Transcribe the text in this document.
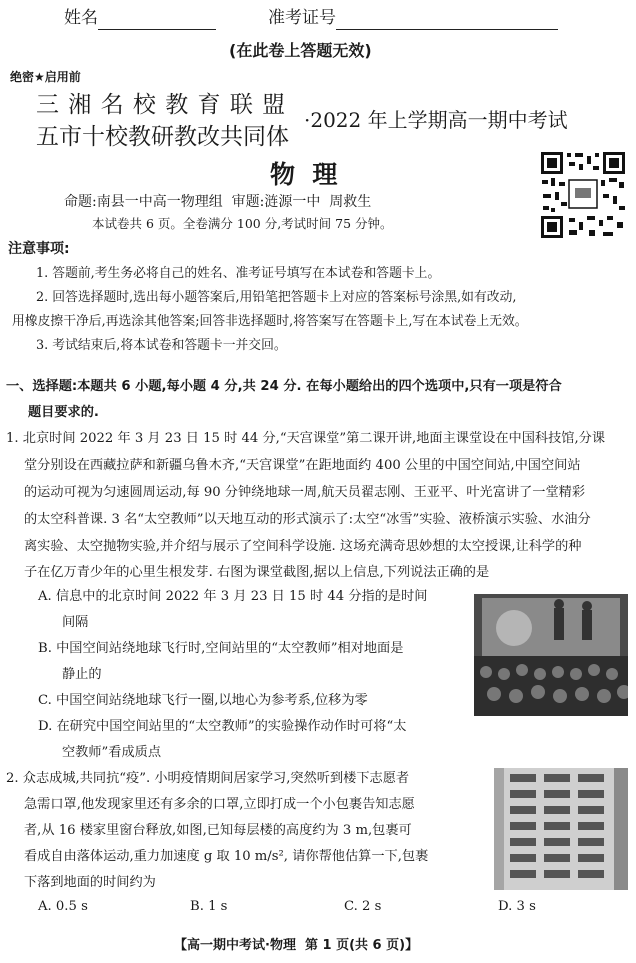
姓名	准考证号
(在此卷上答题无效)
绝密★启用前
三 湘 名 校 教 育 联 盟
五市十校教研教改共同体
·2022 年上学期高一期中考试
物  理
命题:南县一中高一物理组  审题:涟源一中  周救生
本试卷共 6 页。全卷满分 100 分,考试时间 75 分钟。
注意事项:
1. 答题前,考生务必将自己的姓名、准考证号填写在本试卷和答题卡上。
2. 回答选择题时,选出每小题答案后,用铅笔把答题卡上对应的答案标号涂黑,如有改动,
用橡皮擦干净后,再选涂其他答案;回答非选择题时,将答案写在答题卡上,写在本试卷上无效。
3. 考试结束后,将本试卷和答题卡一并交回。
一、选择题:本题共 6 小题,每小题 4 分,共 24 分. 在每小题给出的四个选项中,只有一项是符合
题目要求的.
1. 北京时间 2022 年 3 月 23 日 15 时 44 分,“天宫课堂”第二课开讲,地面主课堂设在中国科技馆,分课
堂分别设在西藏拉萨和新疆乌鲁木齐,“天宫课堂”在距地面约 400 公里的中国空间站,中国空间站
的运动可视为匀速圆周运动,每 90 分钟绕地球一周,航天员翟志刚、王亚平、叶光富讲了一堂精彩
的太空科普课. 3 名“太空教师”以天地互动的形式演示了:太空“冰雪”实验、液桥演示实验、水油分
离实验、太空抛物实验,并介绍与展示了空间科学设施. 这场充满奇思妙想的太空授课,让科学的种
子在亿万青少年的心里生根发芽. 右图为课堂截图,据以上信息,下列说法正确的是
A. 信息中的北京时间 2022 年 3 月 23 日 15 时 44 分指的是时间
间隔
B. 中国空间站绕地球飞行时,空间站里的“太空教师”相对地面是
静止的
C. 中国空间站绕地球飞行一圈,以地心为参考系,位移为零
D. 在研究中国空间站里的“太空教师”的实验操作动作时可将“太
空教师”看成质点
2. 众志成城,共同抗“疫”. 小明疫情期间居家学习,突然听到楼下志愿者
急需口罩,他发现家里还有多余的口罩,立即打成一个小包裹告知志愿
者,从 16 楼家里窗台释放,如图,已知每层楼的高度约为 3 m,包裹可
看成自由落体运动,重力加速度 g 取 10 m/s², 请你帮他估算一下,包裹
下落到地面的时间约为
A. 0.5 s	B. 1 s	C. 2 s	D. 3 s
【高一期中考试·物理  第 1 页(共 6 页)】
